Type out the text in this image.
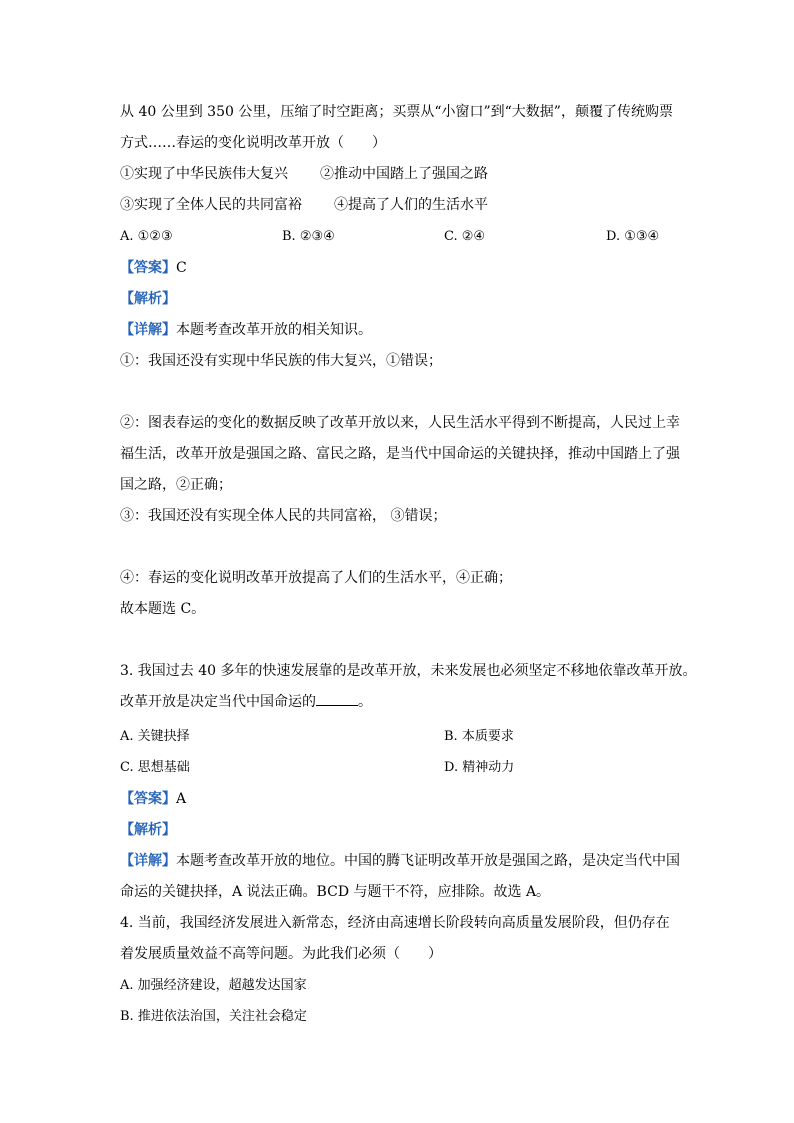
从 40 公里到 350 公里，压缩了时空距离；买票从“小窗口”到“大数据”，颠覆了传统购票
方式……春运的变化说明改革开放（　　）
①实现了中华民族伟大复兴 ②推动中国踏上了强国之路
③实现了全体人民的共同富裕 ④提高了人们的生活水平
A. ①②③	B. ②③④	C. ②④	D. ①③④
【答案】C
【解析】
【详解】本题考查改革开放的相关知识。
①：我国还没有实现中华民族的伟大复兴，①错误；
②：图表春运的变化的数据反映了改革开放以来，人民生活水平得到不断提高，人民过上幸
福生活，改革开放是强国之路、富民之路，是当代中国命运的关键抉择，推动中国踏上了强
国之路，②正确；
③：我国还没有实现全体人民的共同富裕， ③错误；
④：春运的变化说明改革开放提高了人们的生活水平，④正确；
故本题选 C。
3. 我国过去 40 多年的快速发展靠的是改革开放，未来发展也必须坚定不移地依靠改革开放。
改革开放是决定当代中国命运的	。
A. 关键抉择	B. 本质要求
C. 思想基础	D. 精神动力
【答案】A
【解析】
【详解】本题考查改革开放的地位。中国的腾飞证明改革开放是强国之路，是决定当代中国
命运的关键抉择，A 说法正确。BCD 与题干不符，应排除。故选 A。
4. 当前，我国经济发展进入新常态，经济由高速增长阶段转向高质量发展阶段，但仍存在
着发展质量效益不高等问题。为此我们必须（　　）
A. 加强经济建设，超越发达国家
B. 推进依法治国，关注社会稳定
